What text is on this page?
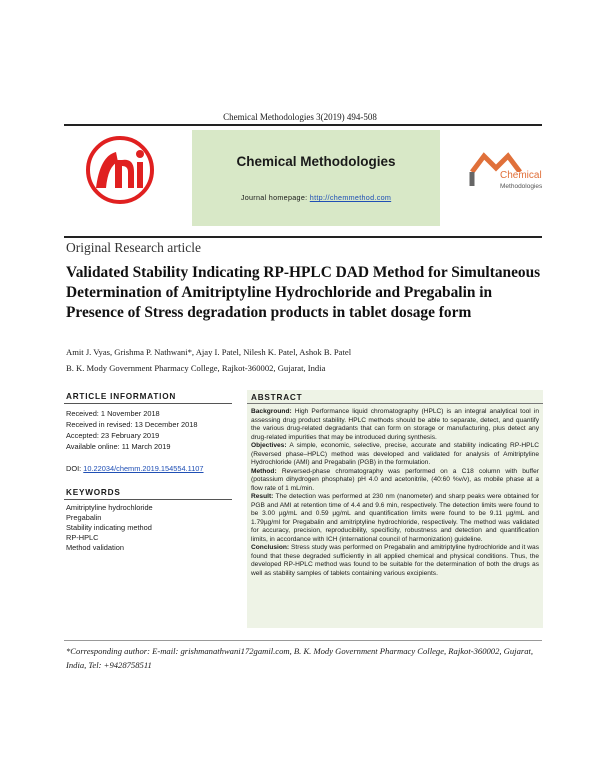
Chemical Methodologies 3(2019) 494-508
Chemical Methodologies
Journal homepage: http://chemmethod.com
Chemical
Methodologies
Original Research article
Validated Stability Indicating RP-HPLC DAD Method for Simultaneous Determination of Amitriptyline Hydrochloride and Pregabalin in Presence of Stress degradation products in tablet dosage form
Amit J. Vyas, Grishma P. Nathwani*, Ajay I. Patel, Nilesh K. Patel, Ashok B. Patel
B. K. Mody Government Pharmacy College, Rajkot-360002, Gujarat, India
ARTICLE INFORMATION
Received: 1 November 2018
Received in revised: 13 December 2018
Accepted: 23 February 2019
Available online: 11 March 2019
DOI: 10.22034/chemm.2019.154554.1107
KEYWORDS
Amitriptyline hydrochloride
Pregabalin
Stability indicating method
RP-HPLC
Method validation
ABSTRACT

Background: High Performance liquid chromatography (HPLC) is an integral analytical tool in assessing drug product stability. HPLC methods should be able to separate, detect, and quantify the various drug-related degradants that can form on storage or manufacturing, plus detect any drug-related impurities that may be introduced during synthesis.

Objectives: A simple, economic, selective, precise, accurate and stability indicating RP-HPLC (Reversed phase–HPLC) method was developed and validated for analysis of Amitriptyline Hydrochloride (AMI) and Pregabalin (PGB) in the formulation.

Method: Reversed-phase chromatography was performed on a C18 column with buffer (potassium dihydrogen phosphate) pH 4.0 and acetonitrile, (40:60 %v/v), as mobile phase at a flow rate of 1 mL/min.

Result: The detection was performed at 230 nm (nanometer) and sharp peaks were obtained for PGB and AMI at retention time of 4.4 and 9.6 min, respectively. The detection limits were found to be 3.00 µg/mL and 0.59 µg/mL and quantification limits were found to be 9.11 µg/mL and 1.79µg/ml for Pregabalin and amitriptyline hydrochloride, respectively. The method was validated for accuracy, precision, reproducibility, specificity, robustness and detection and quantification limits, in accordance with ICH (international council of harmonization) guideline.

Conclusion: Stress study was performed on Pregabalin and amitriptyline hydrochloride and it was found that these degraded sufficiently in all applied chemical and physical conditions. Thus, the developed RP-HPLC method was found to be suitable for the determination of both the drugs as well as stability samples of tablets containing various excipients.

*Corresponding author: E-mail: grishmanathwani172gamil.com, B. K. Mody Government Pharmacy College, Rajkot-360002, Gujarat, India, Tel: +9428758511
